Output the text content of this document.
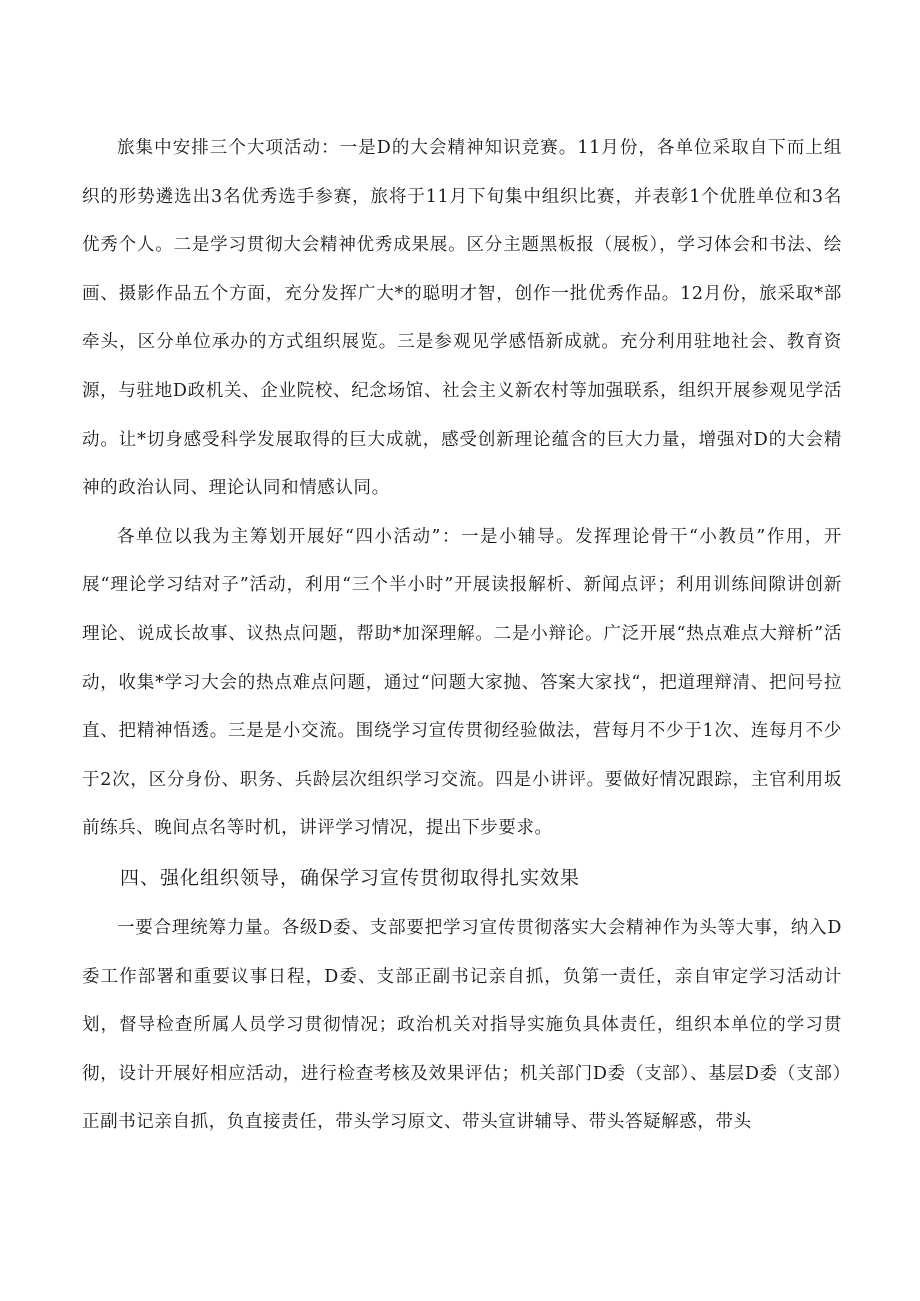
旅集中安排三个大项活动：一是D的大会精神知识竞赛。11月份，各单位采取自下而上组织的形势遴选出3名优秀选手参赛，旅将于11月下旬集中组织比赛，并表彰1个优胜单位和3名优秀个人。二是学习贯彻大会精神优秀成果展。区分主题黑板报（展板），学习体会和书法、绘画、摄影作品五个方面，充分发挥广大*的聪明才智，创作一批优秀作品。12月份，旅采取*部牵头，区分单位承办的方式组织展览。三是参观见学感悟新成就。充分利用驻地社会、教育资源，与驻地D政机关、企业院校、纪念场馆、社会主义新农村等加强联系，组织开展参观见学活动。让*切身感受科学发展取得的巨大成就，感受创新理论蕴含的巨大力量，增强对D的大会精神的政治认同、理论认同和情感认同。

各单位以我为主筹划开展好“四小活动”：一是小辅导。发挥理论骨干“小教员”作用，开展“理论学习结对子”活动，利用“三个半小时”开展读报解析、新闻点评；利用训练间隙讲创新理论、说成长故事、议热点问题，帮助*加深理解。二是小辩论。广泛开展“热点难点大辩析”活动，收集*学习大会的热点难点问题，通过“问题大家抛、答案大家找“，把道理辩清、把问号拉直、把精神悟透。三是是小交流。围绕学习宣传贯彻经验做法，营每月不少于1次、连每月不少于2次，区分身份、职务、兵龄层次组织学习交流。四是小讲评。要做好情况跟踪，主官利用坂前练兵、晚间点名等时机，讲评学习情况，提出下步要求。

四、强化组织领导，确保学习宣传贯彻取得扎实效果

一要合理统筹力量。各级D委、支部要把学习宣传贯彻落实大会精神作为头等大事，纳入D委工作部署和重要议事日程，D委、支部正副书记亲自抓，负第一责任，亲自审定学习活动计划，督导检查所属人员学习贯彻情况；政治机关对指导实施负具体责任，组织本单位的学习贯彻，设计开展好相应活动，进行检查考核及效果评估；机关部门D委（支部）、基层D委（支部）正副书记亲自抓，负直接责任，带头学习原文、带头宣讲辅导、带头答疑解惑，带头
